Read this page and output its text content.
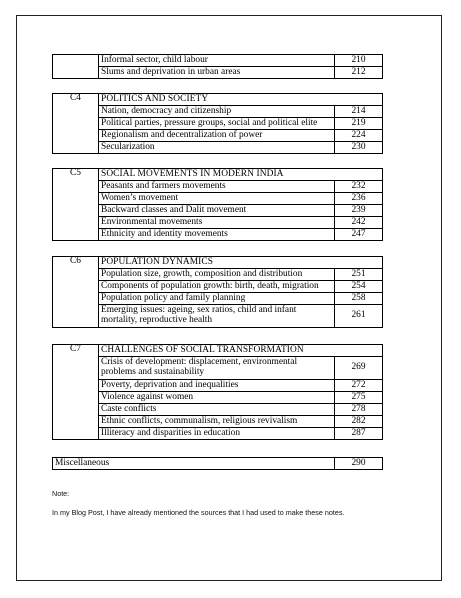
	Informal sector, child labour	210
	Slums and deprivation in urban areas	212
C4	POLITICS AND SOCIETY	
	Nation, democracy and citizenship	214
	Political parties, pressure groups, social and political elite	219
	Regionalism and decentralization of power	224
	Secularization	230
C5	SOCIAL MOVEMENTS IN MODERN INDIA	
	Peasants and farmers movements	232
	Women’s movement	236
	Backward classes and Dalit movement	239
	Environmental movements	242
	Ethnicity and identity movements	247
C6	POPULATION DYNAMICS	
	Population size, growth, composition and distribution	251
	Components of population growth: birth, death, migration	254
	Population policy and family planning	258
	Emerging issues: ageing, sex ratios, child and infant mortality, reproductive health	261
C7	CHALLENGES OF SOCIAL TRANSFORMATION	
	Crisis of development: displacement, environmental problems and sustainability	269
	Poverty, deprivation and inequalities	272
	Violence against women	275
	Caste conflicts	278
	Ethnic conflicts, communalism, religious revivalism	282
	Illiteracy and disparities in education	287
Miscellaneous	290
Note:
In my Blog Post, I have already mentioned the sources that I had used to make these notes.
